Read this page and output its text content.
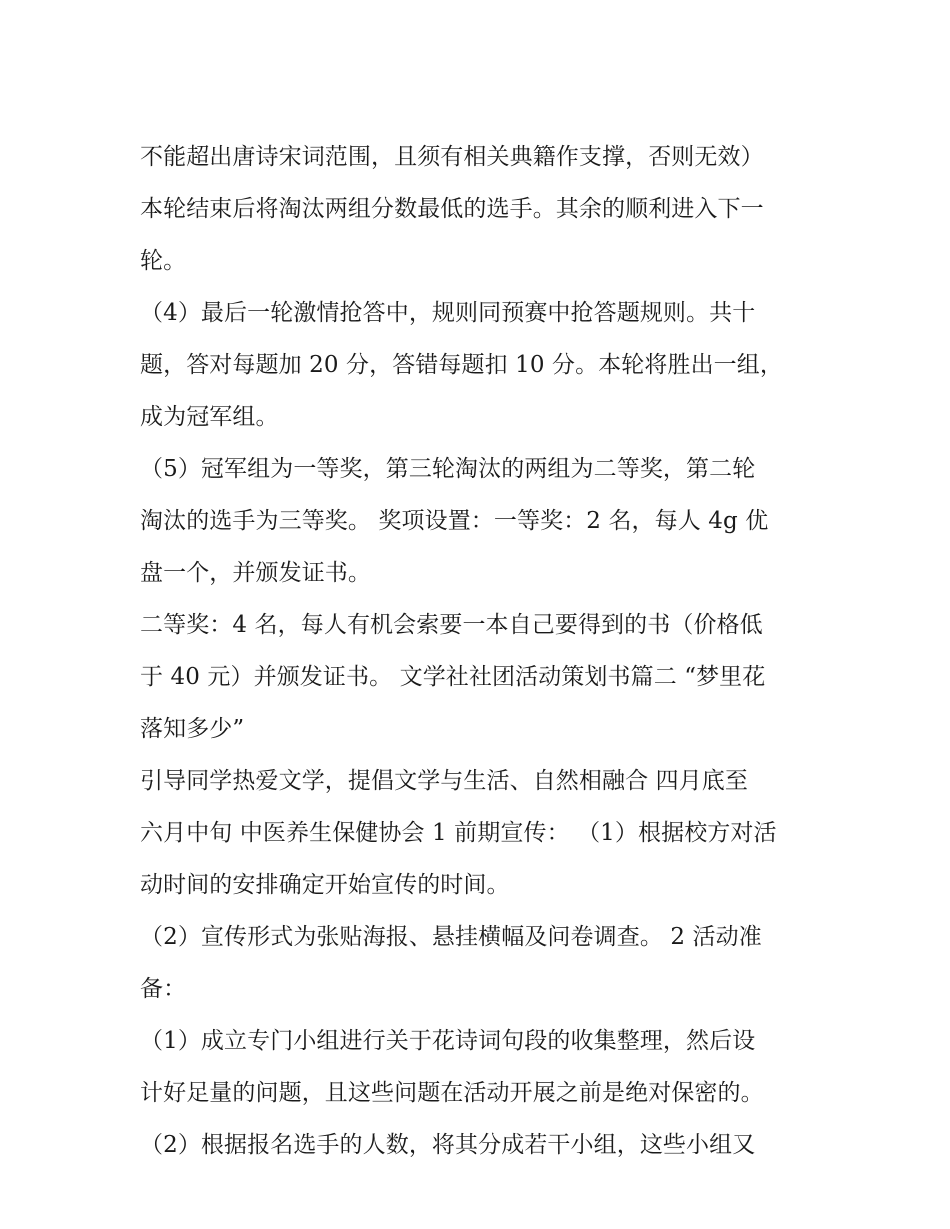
不能超出唐诗宋词范围，且须有相关典籍作支撑，否则无效）
本轮结束后将淘汰两组分数最低的选手。其余的顺利进入下一
轮。
（4）最后一轮激情抢答中，规则同预赛中抢答题规则。共十
题，答对每题加 20 分，答错每题扣 10 分。本轮将胜出一组，
成为冠军组。
（5）冠军组为一等奖，第三轮淘汰的两组为二等奖，第二轮
淘汰的选手为三等奖。 奖项设置：一等奖：2 名，每人 4g 优
盘一个，并颁发证书。
二等奖：4 名，每人有机会索要一本自己要得到的书（价格低
于 40 元）并颁发证书。 文学社社团活动策划书篇二 “梦里花
落知多少”
引导同学热爱文学，提倡文学与生活、自然相融合 四月底至
六月中旬 中医养生保健协会 1 前期宣传： （1）根据校方对活
动时间的安排确定开始宣传的时间。
（2）宣传形式为张贴海报、悬挂横幅及问卷调查。 2 活动准
备：
（1）成立专门小组进行关于花诗词句段的收集整理，然后设
计好足量的问题，且这些问题在活动开展之前是绝对保密的。
（2）根据报名选手的人数，将其分成若干小组，这些小组又
